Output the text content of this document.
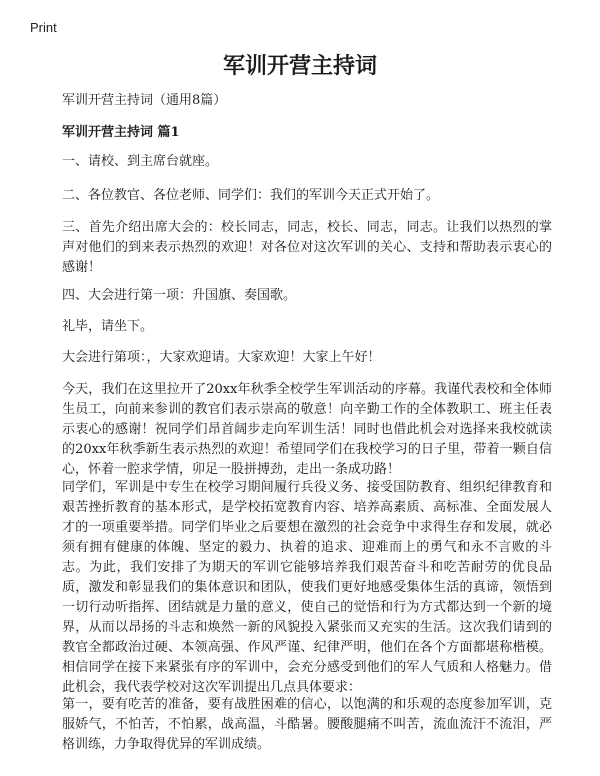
Print
军训开营主持词

军训开营主持词（通用8篇）

军训开营主持词 篇1

一、请校、到主席台就座。

二、各位教官、各位老师、同学们：我们的军训今天正式开始了。

三、首先介绍出席大会的：校长同志，同志，校长、同志，同志。让我们以热烈的掌声对他们的到来表示热烈的欢迎！对各位对这次军训的关心、支持和帮助表示衷心的感谢！

四、大会进行第一项：升国旗、奏国歌。

礼毕，请坐下。

大会进行第项：，大家欢迎请。大家欢迎！大家上午好！

今天，我们在这里拉开了20xx年秋季全校学生军训活动的序幕。我谨代表校和全体师生员工，向前来参训的教官们表示崇高的敬意！向辛勤工作的全体教职工、班主任表示衷心的感谢！祝同学们昂首阔步走向军训生活！同时也借此机会对选择来我校就读的20xx年秋季新生表示热烈的欢迎！希望同学们在我校学习的日子里，带着一颗自信心，怀着一腔求学情，卯足一股拼搏劲，走出一条成功路！

同学们，军训是中专生在校学习期间履行兵役义务、接受国防教育、组织纪律教育和艰苦挫折教育的基本形式，是学校拓宽教育内容、培养高素质、高标准、全面发展人才的一项重要举措。同学们毕业之后要想在激烈的社会竞争中求得生存和发展，就必须有拥有健康的体魄、坚定的毅力、执着的追求、迎难而上的勇气和永不言败的斗志。为此，我们安排了为期天的军训它能够培养我们艰苦奋斗和吃苦耐劳的优良品质，激发和彰显我们的集体意识和团队，使我们更好地感受集体生活的真谛，领悟到一切行动听指挥、团结就是力量的意义，使自己的觉悟和行为方式都达到一个新的境界，从而以昂扬的斗志和焕然一新的风貌投入紧张而又充实的生活。这次我们请到的教官全都政治过硬、本领高强、作风严谨、纪律严明，他们在各个方面都堪称楷模。相信同学在接下来紧张有序的军训中，会充分感受到他们的军人气质和人格魅力。借此机会，我代表学校对这次军训提出几点具体要求：

第一，要有吃苦的准备，要有战胜困难的信心，以饱满的和乐观的态度参加军训，克服娇气，不怕苦，不怕累，战高温，斗酷暑。腰酸腿痛不叫苦，流血流汗不流泪，严格训练，力争取得优异的军训成绩。
